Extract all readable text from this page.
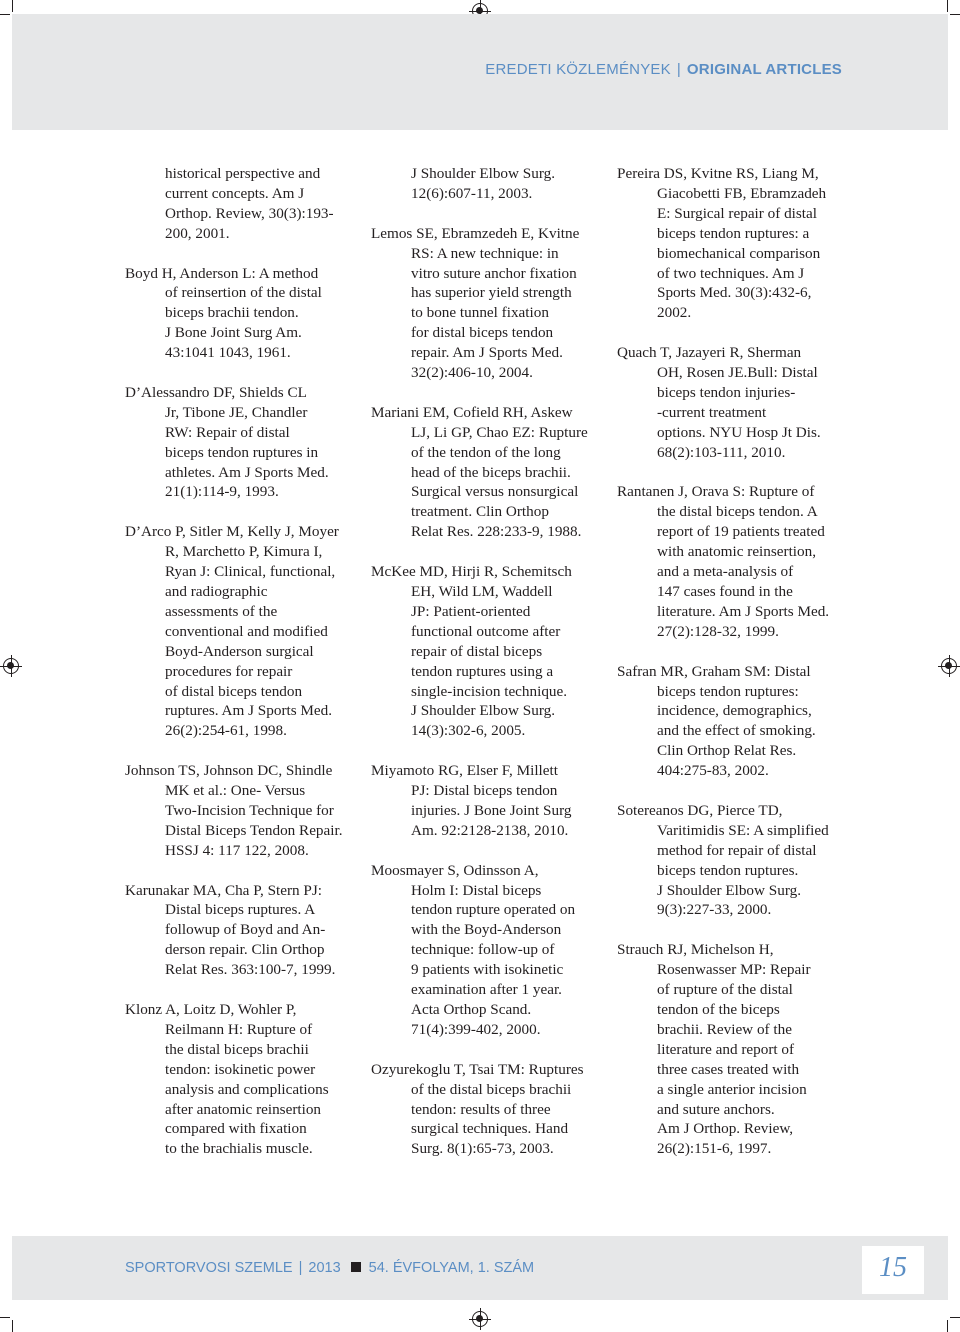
EREDETI KÖZLEMÉNYEK | ORIGINAL ARTICLES
historical perspective and
current concepts. Am J
Orthop. Review, 30(3):193-
200, 2001.
Boyd H, Anderson L: A method
of reinsertion of the distal
biceps brachii tendon.
J Bone Joint Surg Am.
43:1041 1043, 1961.
D’Alessandro DF, Shields CL
Jr, Tibone JE, Chandler
RW: Repair of distal
biceps tendon ruptures in
athletes. Am J Sports Med.
21(1):114-9, 1993.
D’Arco P, Sitler M, Kelly J, Moyer
R, Marchetto P, Kimura I,
Ryan J: Clinical, functional,
and radiographic
assessments of the
conventional and modified
Boyd-Anderson surgical
procedures for repair
of distal biceps tendon
ruptures. Am J Sports Med.
26(2):254-61, 1998.
Johnson TS, Johnson DC, Shindle
MK et al.: One- Versus
Two-Incision Technique for
Distal Biceps Tendon Repair.
HSSJ 4: 117 122, 2008.
Karunakar MA, Cha P, Stern PJ:
Distal biceps ruptures. A
followup of Boyd and An-
derson repair. Clin Orthop
Relat Res. 363:100-7, 1999.
Klonz A, Loitz D, Wohler P,
Reilmann H: Rupture of
the distal biceps brachii
tendon: isokinetic power
analysis and complications
after anatomic reinsertion
compared with fixation
to the brachialis muscle.
J Shoulder Elbow Surg.
12(6):607-11, 2003.
Lemos SE, Ebramzedeh E, Kvitne
RS: A new technique: in
vitro suture anchor fixation
has superior yield strength
to bone tunnel fixation
for distal biceps tendon
repair. Am J Sports Med.
32(2):406-10, 2004.
Mariani EM, Cofield RH, Askew
LJ, Li GP, Chao EZ: Rupture
of the tendon of the long
head of the biceps brachii.
Surgical versus nonsurgical
treatment. Clin Orthop
Relat Res. 228:233-9, 1988.
McKee MD, Hirji R, Schemitsch
EH, Wild LM, Waddell
JP: Patient-oriented
functional outcome after
repair of distal biceps
tendon ruptures using a
single-incision technique.
J Shoulder Elbow Surg.
14(3):302-6, 2005.
Miyamoto RG, Elser F, Millett
PJ: Distal biceps tendon
injuries. J Bone Joint Surg
Am. 92:2128-2138, 2010.
Moosmayer S, Odinsson A,
Holm I: Distal biceps
tendon rupture operated on
with the Boyd-Anderson
technique: follow-up of
9 patients with isokinetic
examination after 1 year.
Acta Orthop Scand.
71(4):399-402, 2000.
Ozyurekoglu T, Tsai TM: Ruptures
of the distal biceps brachii
tendon: results of three
surgical techniques. Hand
Surg. 8(1):65-73, 2003.
Pereira DS, Kvitne RS, Liang M,
Giacobetti FB, Ebramzadeh
E: Surgical repair of distal
biceps tendon ruptures: a
biomechanical comparison
of two techniques. Am J
Sports Med. 30(3):432-6,
2002.
Quach T, Jazayeri R, Sherman
OH, Rosen JE.Bull: Distal
biceps tendon injuries-
-current treatment
options. NYU Hosp Jt Dis.
68(2):103-111, 2010.
Rantanen J, Orava S: Rupture of
the distal biceps tendon. A
report of 19 patients treated
with anatomic reinsertion,
and a meta-analysis of
147 cases found in the
literature. Am J Sports Med.
27(2):128-32, 1999.
Safran MR, Graham SM: Distal
biceps tendon ruptures:
incidence, demographics,
and the effect of smoking.
Clin Orthop Relat Res.
404:275-83, 2002.
Sotereanos DG, Pierce TD,
Varitimidis SE: A simplified
method for repair of distal
biceps tendon ruptures.
J Shoulder Elbow Surg.
9(3):227-33, 2000.
Strauch RJ, Michelson H,
Rosenwasser MP: Repair
of rupture of the distal
tendon of the biceps
brachii. Review of the
literature and report of
three cases treated with
a single anterior incision
and suture anchors.
Am J Orthop. Review,
26(2):151-6, 1997.
SPORTORVOSI SZEMLE | 2013 54. ÉVFOLYAM, 1. SZÁM	15
